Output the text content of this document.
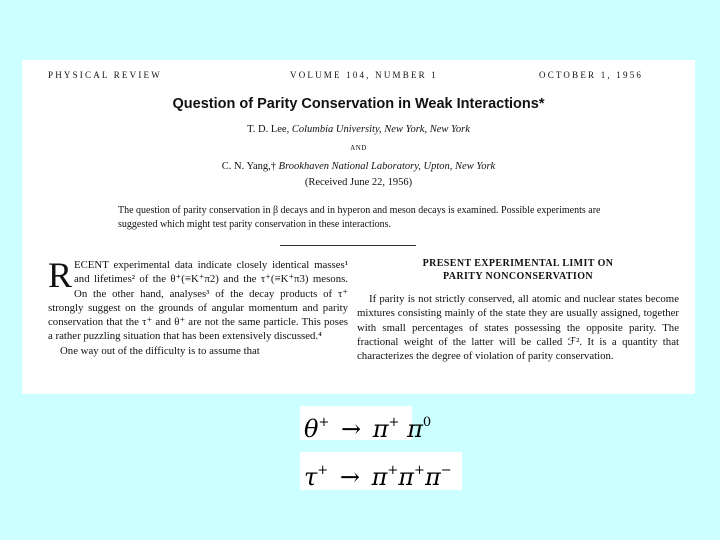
PHYSICAL REVIEW	VOLUME 104, NUMBER 1	OCTOBER 1, 1956
Question of Parity Conservation in Weak Interactions*
T. D. Lee, Columbia University, New York, New York
AND
C. N. Yang,† Brookhaven National Laboratory, Upton, New York
(Received June 22, 1956)
The question of parity conservation in β decays and in hyperon and meson decays is examined. Possible experiments are suggested which might test parity conservation in these interactions.
R ECENT experimental data indicate closely identical masses¹ and lifetimes² of the θ⁺(≡K⁺π2) and the τ⁺(≡K⁺π3) mesons. On the other hand, analyses³ of the decay products of τ⁺ strongly suggest on the grounds of angular momentum and parity conservation that the τ⁺ and θ⁺ are not the same particle. This poses a rather puzzling situation that has been extensively discussed.⁴

One way out of the difficulty is to assume that

PRESENT EXPERIMENTAL LIMIT ON
PARITY NONCONSERVATION

If parity is not strictly conserved, all atomic and nuclear states become mixtures consisting mainly of the state they are usually assigned, together with small percentages of states possessing the opposite parity. The fractional weight of the latter will be called ℱ². It is a quantity that characterizes the degree of violation of parity conservation.

θ+ → π+ $\pi^0$
τ+ → π+π+π−
